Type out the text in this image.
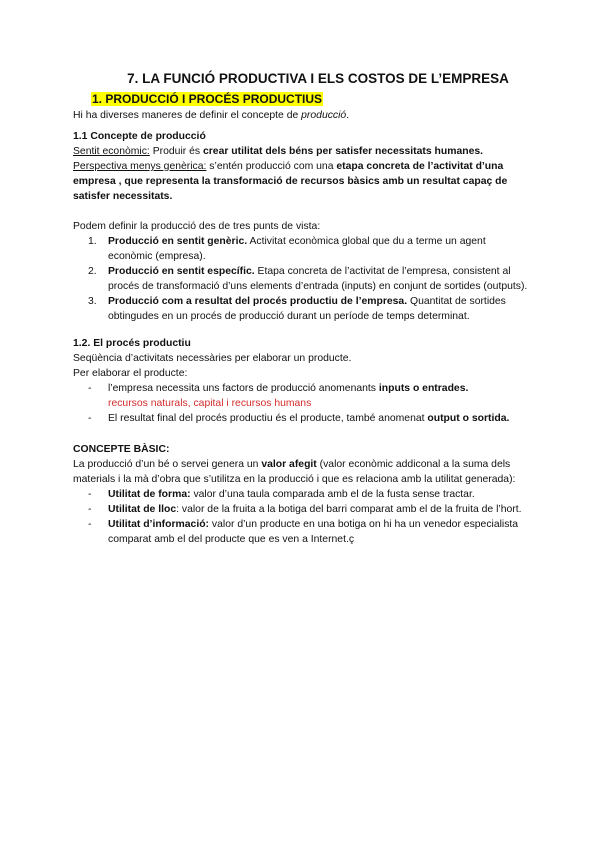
7. LA FUNCIÓ PRODUCTIVA I ELS COSTOS DE L’EMPRESA
1. PRODUCCIÓ I PROCÉS PRODUCTIUS

Hi ha diverses maneres de definir el concepte de producció.

1.1 Concepte de producció

Sentit econòmic: Produir és crear utilitat dels béns per satisfer necessitats humanes.

Perspectiva menys genèrica: s’entén producció com una etapa concreta de l’activitat d’una empresa , que representa la transformació de recursos bàsics amb un resultat capaç de satisfer necessitats.

Podem definir la producció des de tres punts de vista:

1. Producció en sentit genèric. Activitat econòmica global que du a terme un agent econòmic (empresa).
2. Producció en sentit específic. Etapa concreta de l’activitat de l’empresa, consistent al procés de transformació d’uns elements d’entrada (inputs) en conjunt de sortides (outputs).
3. Producció com a resultat del procés productiu de l’empresa. Quantitat de sortides obtingudes en un procés de producció durant un període de temps determinat.

1.2. El procés productiu

Seqüència d’activitats necessàries per elaborar un producte.

Per elaborar el producte:

- l’empresa necessita uns factors de producció anomenants inputs o entrades.
recursos naturals, capital i recursos humans
- El resultat final del procés productiu és el producte, també anomenat output o sortida.

CONCEPTE BÀSIC:

La producció d’un bé o servei genera un valor afegit (valor econòmic addiconal a la suma dels materials i la mà d’obra que s’utilitza en la producció i que es relaciona amb la utilitat generada):

- Utilitat de forma: valor d’una taula comparada amb el de la fusta sense tractar.
- Utilitat de lloc: valor de la fruita a la botiga del barri comparat amb el de la fruita de l’hort.
- Utilitat d’informació: valor d’un producte en una botiga on hi ha un venedor especialista comparat amb el del producte que es ven a Internet.ç
